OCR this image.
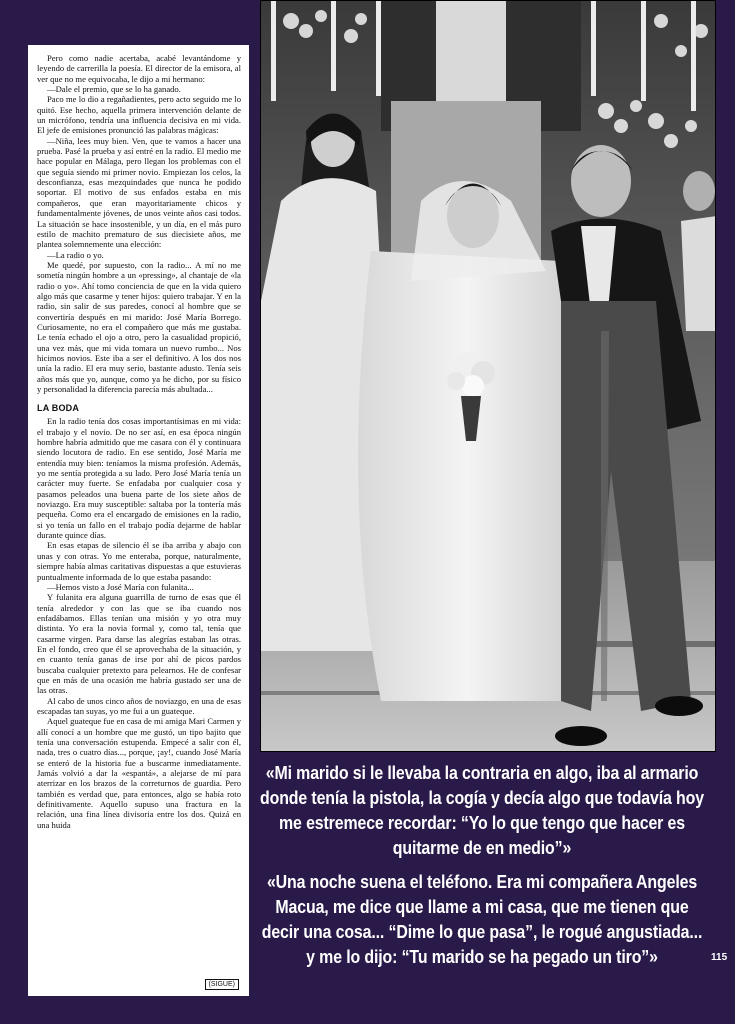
Pero como nadie acertaba, acabé levantándome y leyendo de carrerilla la poesía. El director de la emisora, al ver que no me equivocaba, le dijo a mi hermano:

—Dale el premio, que se lo ha ganado.

Paco me lo dio a regañadientes, pero acto seguido me lo quitó. Ese hecho, aquella primera intervención delante de un micrófono, tendría una influencia decisiva en mi vida. El jefe de emisiones pronunció las palabras mágicas:

—Niña, lees muy bien. Ven, que te vamos a hacer una prueba. Pasé la prueba y así entré en la radio. El medio me hace popular en Málaga, pero llegan los problemas con el que seguía siendo mi primer novio. Empiezan los celos, la desconfianza, esas mezquindades que nunca he podido soportar. El motivo de sus enfados estaba en mis compañeros, que eran mayoritariamente chicos y fundamentalmente jóvenes, de unos veinte años casi todos. La situación se hace insostenible, y un día, en el más puro estilo de machito prematuro de sus diecisiete años, me plantea solemnemente una elección:

—La radio o yo.

Me quedé, por supuesto, con la radio... A mí no me sometía ningún hombre a un «pressing», al chantaje de «la radio o yo». Ahí tomo conciencia de que en la vida quiero algo más que casarme y tener hijos: quiero trabajar. Y en la radio, sin salir de sus paredes, conocí al hombre que se convertiría después en mi marido: José María Borrego. Curiosamente, no era el compañero que más me gustaba. Le tenía echado el ojo a otro, pero la casualidad propició, una vez más, que mi vida tomara un nuevo rumbo... Nos hicimos novios. Este iba a ser el definitivo. A los dos nos unía la radio. El era muy serio, bastante adusto. Tenía seis años más que yo, aunque, como ya he dicho, por su físico y personalidad la diferencia parecía más abultada...

LA BODA

En la radio tenía dos cosas importantísimas en mi vida: el trabajo y el novio. De no ser así, en esa época ningún hombre habría admitido que me casara con él y continuara siendo locutora de radio. En ese sentido, José María me entendía muy bien: teníamos la misma profesión. Además, yo me sentía protegida a su lado. Pero José María tenía un carácter muy fuerte. Se enfadaba por cualquier cosa y pasamos peleados una buena parte de los siete años de noviazgo. Era muy susceptible: saltaba por la tontería más pequeña. Como era el encargado de emisiones en la radio, si yo tenía un fallo en el trabajo podía dejarme de hablar durante quince días.

En esas etapas de silencio él se iba arriba y abajo con unas y con otras. Yo me enteraba, porque, naturalmente, siempre había almas caritativas dispuestas a que estuvieras puntualmente informada de lo que estaba pasando:

—Hemos visto a José María con fulanita...

Y fulanita era alguna guarrilla de turno de esas que él tenía alrededor y con las que se iba cuando nos enfadábamos. Ellas tenían una misión y yo otra muy distinta. Yo era la novia formal y, como tal, tenía que casarme virgen. Para darse las alegrías estaban las otras. En el fondo, creo que él se aprovechaba de la situación, y en cuanto tenía ganas de irse por ahí de picos pardos buscaba cualquier pretexto para pelearnos. He de confesar que en más de una ocasión me habría gustado ser una de las otras.

Al cabo de unos cinco años de noviazgo, en una de esas escapadas tan suyas, yo me fui a un guateque.

Aquel guateque fue en casa de mi amiga Mari Carmen y allí conocí a un hombre que me gustó, un tipo bajito que tenía una conversación estupenda. Empecé a salir con él, nada, tres o cuatro días..., porque, ¡ay!, cuando José María se enteró de la historia fue a buscarme inmediatamente. Jamás volvió a dar la «espantá», a alejarse de mí para aterrizar en los brazos de la correturnos de guardia. Pero también es verdad que, para entonces, algo se había roto definitivamente. Aquello supuso una fractura en la relación, una fina línea divisoria entre los dos. Quizá en una huida

(SIGUE)

«Mi marido si le llevaba la contraria en algo, iba al armario donde tenía la pistola, la cogía y decía algo que todavía hoy me estremece recordar: “Yo lo que tengo que hacer es quitarme de en medio”»

«Una noche suena el teléfono. Era mi compañera Angeles Macua, me dice que llame a mi casa, que me tienen que decir una cosa... “Dime lo que pasa”, le rogué angustiada... y me lo dijo: “Tu marido se ha pegado un tiro”»	115
